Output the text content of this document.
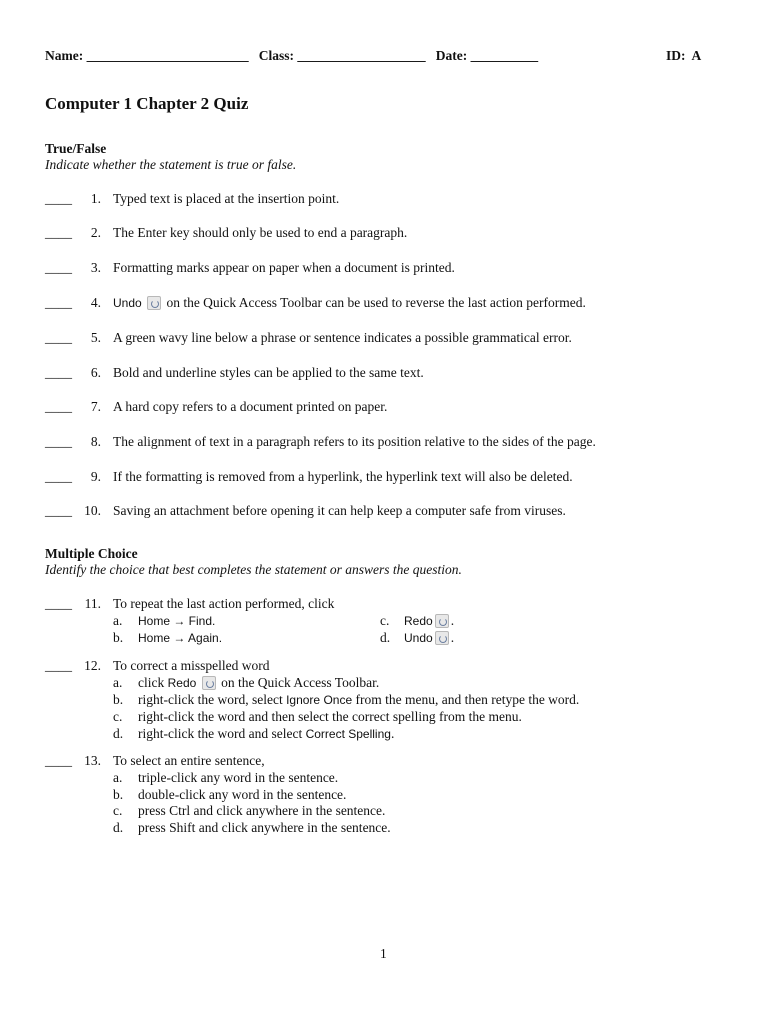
Name: ________________________ Class: ___________________ Date: __________	ID: A
Computer 1 Chapter 2 Quiz
True/False
Indicate whether the statement is true or false.
____	1. Typed text is placed at the insertion point.
____	2. The Enter key should only be used to end a paragraph.
____	3. Formatting marks appear on paper when a document is printed.
____	4. Undo on the Quick Access Toolbar can be used to reverse the last action performed.
____	5. A green wavy line below a phrase or sentence indicates a possible grammatical error.
____	6. Bold and underline styles can be applied to the same text.
____	7. A hard copy refers to a document printed on paper.
____	8. The alignment of text in a paragraph refers to its position relative to the sides of the page.
____	9. If the formatting is removed from a hyperlink, the hyperlink text will also be deleted.
____ 10. Saving an attachment before opening it can help keep a computer safe from viruses.
Multiple Choice
Identify the choice that best completes the statement or answers the question.
____ 11. To repeat the last action performed, click
a. Home → Find.
b. Home → Again.
c. Redo .
d. Undo .
____ 12. To correct a misspelled word
a. click Redo on the Quick Access Toolbar.
b. right-click the word, select Ignore Once from the menu, and then retype the word.
c. right-click the word and then select the correct spelling from the menu.
d. right-click the word and select Correct Spelling.
____ 13. To select an entire sentence,
a. triple-click any word in the sentence.
b. double-click any word in the sentence.
c. press Ctrl and click anywhere in the sentence.
d. press Shift and click anywhere in the sentence.
1
